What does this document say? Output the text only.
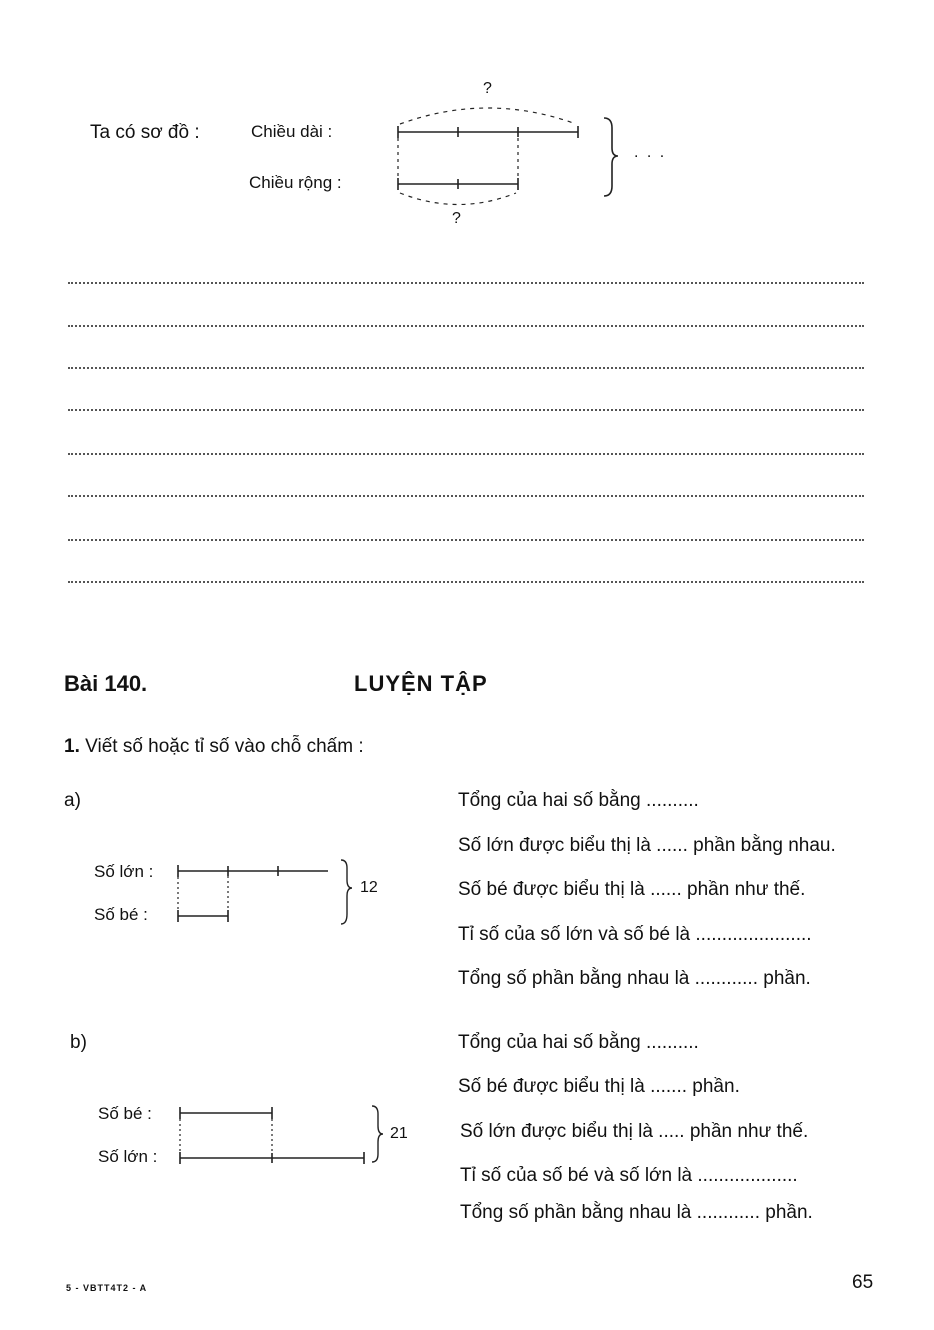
Ta có sơ đồ :	Chiều dài :
Chiều rộng :
?
?
. . .
Bài 140.	LUYỆN TẬP
1. Viết số hoặc tỉ số vào chỗ chấm :
a)
Số lớn :
Số bé :
12
Tổng của hai số bằng ..........
Số lớn được biểu thị là ...... phần bằng nhau.
Số bé được biểu thị là ...... phần như thế.
Tỉ số của số lớn và số bé là ......................
Tổng số phần bằng nhau là ............ phần.
b)
Số bé :
Số lớn :
21
Tổng của hai số bằng ..........
Số bé được biểu thị là ....... phần.
Số lớn được biểu thị là ..... phần như thế.
Tỉ số của số bé và số lớn là ...................
Tổng số phần bằng nhau là ............ phần.
5 - VBTT4T2 - A	65
